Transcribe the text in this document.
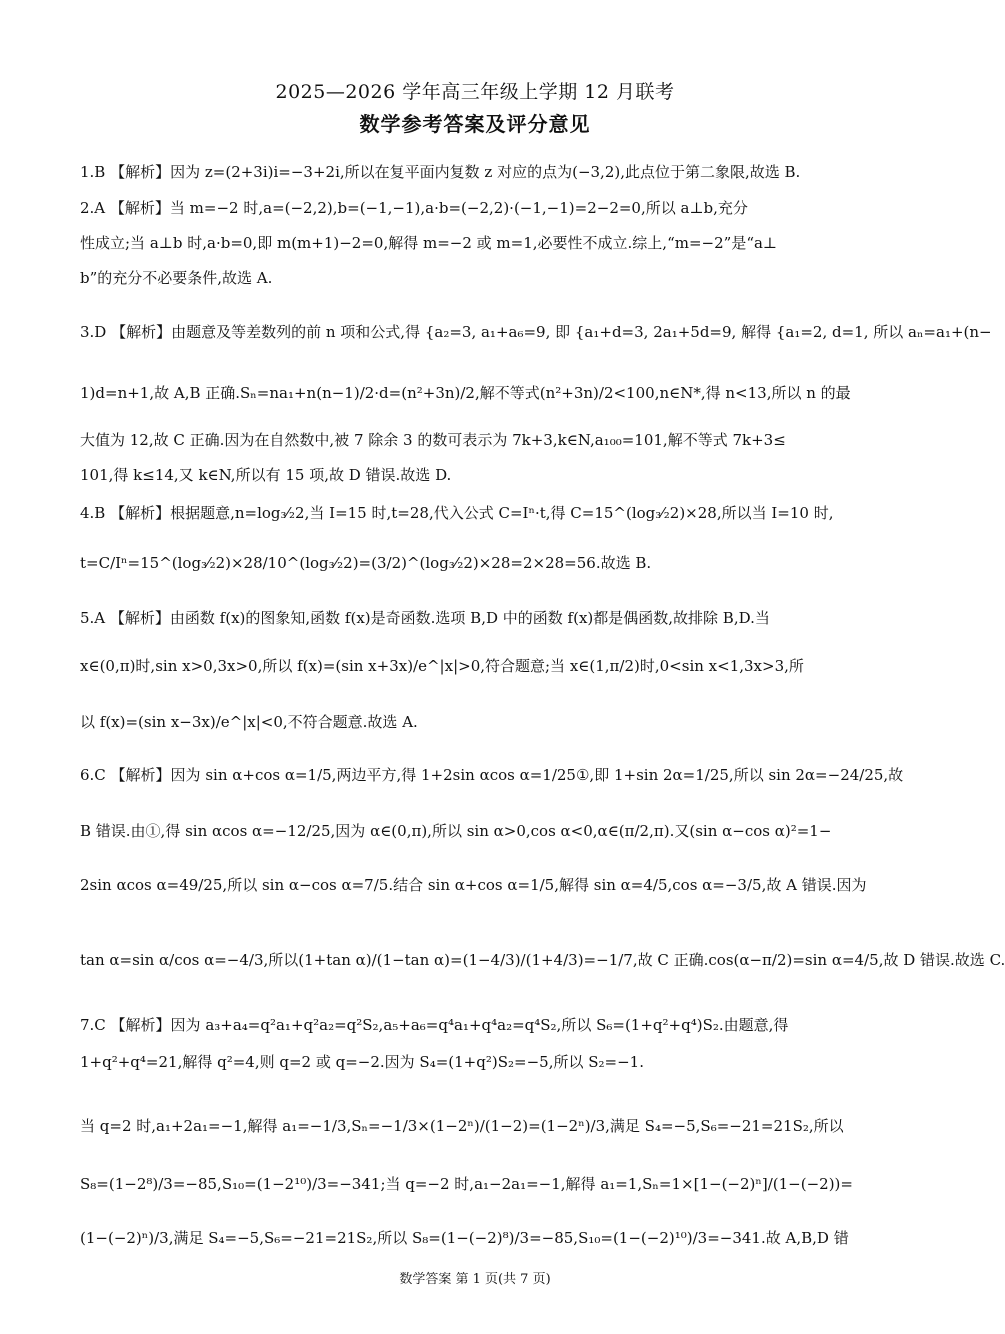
2025—2026 学年高三年级上学期 12 月联考
数学参考答案及评分意见
1.B 【解析】因为 z=(2+3i)i=−3+2i,所以在复平面内复数 z 对应的点为(−3,2),此点位于第二象限,故选 B.
2.A 【解析】当 m=−2 时,a=(−2,2),b=(−1,−1),a·b=(−2,2)·(−1,−1)=2−2=0,所以 a⊥b,充分
性成立;当 a⊥b 时,a·b=0,即 m(m+1)−2=0,解得 m=−2 或 m=1,必要性不成立.综上,“m=−2”是“a⊥
b”的充分不必要条件,故选 A.
3.D 【解析】由题意及等差数列的前 n 项和公式,得 {a₂=3, a₁+a₆=9, 即 {a₁+d=3, 2a₁+5d=9, 解得 {a₁=2, d=1, 所以 aₙ=a₁+(n−
1)d=n+1,故 A,B 正确.Sₙ=na₁+n(n−1)/2·d=(n²+3n)/2,解不等式(n²+3n)/2<100,n∈N*,得 n<13,所以 n 的最
大值为 12,故 C 正确.因为在自然数中,被 7 除余 3 的数可表示为 7k+3,k∈N,a₁₀₀=101,解不等式 7k+3≤
101,得 k≤14,又 k∈N,所以有 15 项,故 D 错误.故选 D.
4.B 【解析】根据题意,n=log₃⁄₂2,当 I=15 时,t=28,代入公式 C=Iⁿ·t,得 C=15^(log₃⁄₂2)×28,所以当 I=10 时,
t=C/Iⁿ=15^(log₃⁄₂2)×28/10^(log₃⁄₂2)=(3/2)^(log₃⁄₂2)×28=2×28=56.故选 B.
5.A 【解析】由函数 f(x)的图象知,函数 f(x)是奇函数.选项 B,D 中的函数 f(x)都是偶函数,故排除 B,D.当
x∈(0,π)时,sin x>0,3x>0,所以 f(x)=(sin x+3x)/e^|x|>0,符合题意;当 x∈(1,π/2)时,0<sin x<1,3x>3,所
以 f(x)=(sin x−3x)/e^|x|<0,不符合题意.故选 A.
6.C 【解析】因为 sin α+cos α=1/5,两边平方,得 1+2sin αcos α=1/25①,即 1+sin 2α=1/25,所以 sin 2α=−24/25,故
B 错误.由①,得 sin αcos α=−12/25,因为 α∈(0,π),所以 sin α>0,cos α<0,α∈(π/2,π).又(sin α−cos α)²=1−
2sin αcos α=49/25,所以 sin α−cos α=7/5.结合 sin α+cos α=1/5,解得 sin α=4/5,cos α=−3/5,故 A 错误.因为
tan α=sin α/cos α=−4/3,所以(1+tan α)/(1−tan α)=(1−4/3)/(1+4/3)=−1/7,故 C 正确.cos(α−π/2)=sin α=4/5,故 D 错误.故选 C.
7.C 【解析】因为 a₃+a₄=q²a₁+q²a₂=q²S₂,a₅+a₆=q⁴a₁+q⁴a₂=q⁴S₂,所以 S₆=(1+q²+q⁴)S₂.由题意,得
1+q²+q⁴=21,解得 q²=4,则 q=2 或 q=−2.因为 S₄=(1+q²)S₂=−5,所以 S₂=−1.
当 q=2 时,a₁+2a₁=−1,解得 a₁=−1/3,Sₙ=−1/3×(1−2ⁿ)/(1−2)=(1−2ⁿ)/3,满足 S₄=−5,S₆=−21=21S₂,所以
S₈=(1−2⁸)/3=−85,S₁₀=(1−2¹⁰)/3=−341;当 q=−2 时,a₁−2a₁=−1,解得 a₁=1,Sₙ=1×[1−(−2)ⁿ]/(1−(−2))=
(1−(−2)ⁿ)/3,满足 S₄=−5,S₆=−21=21S₂,所以 S₈=(1−(−2)⁸)/3=−85,S₁₀=(1−(−2)¹⁰)/3=−341.故 A,B,D 错
数学答案 第 1 页(共 7 页)
